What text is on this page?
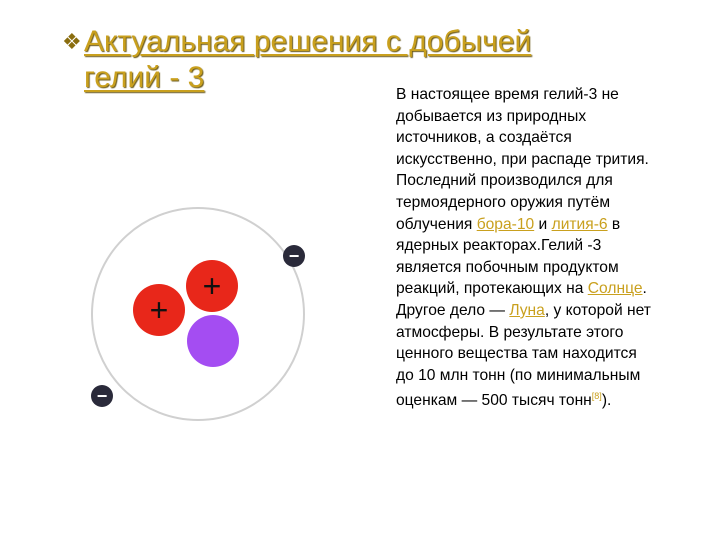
❖Актуальная решения с добычей
гелий - 3
−
−
+
+

В настоящее время гелий-3 не добывается из природных источников, а создаётся искусственно, при распаде трития. Последний производился для термоядерного оружия путём облучения бора-10 и лития-6 в ядерных реакторах.Гелий -3 является побочным продуктом реакций, протекающих на Солнце. Другое дело — Луна, у которой нет атмосферы. В результате этого ценного вещества там находится до 10 млн тонн (по минимальным оценкам — 500 тысяч тонн[8]).
